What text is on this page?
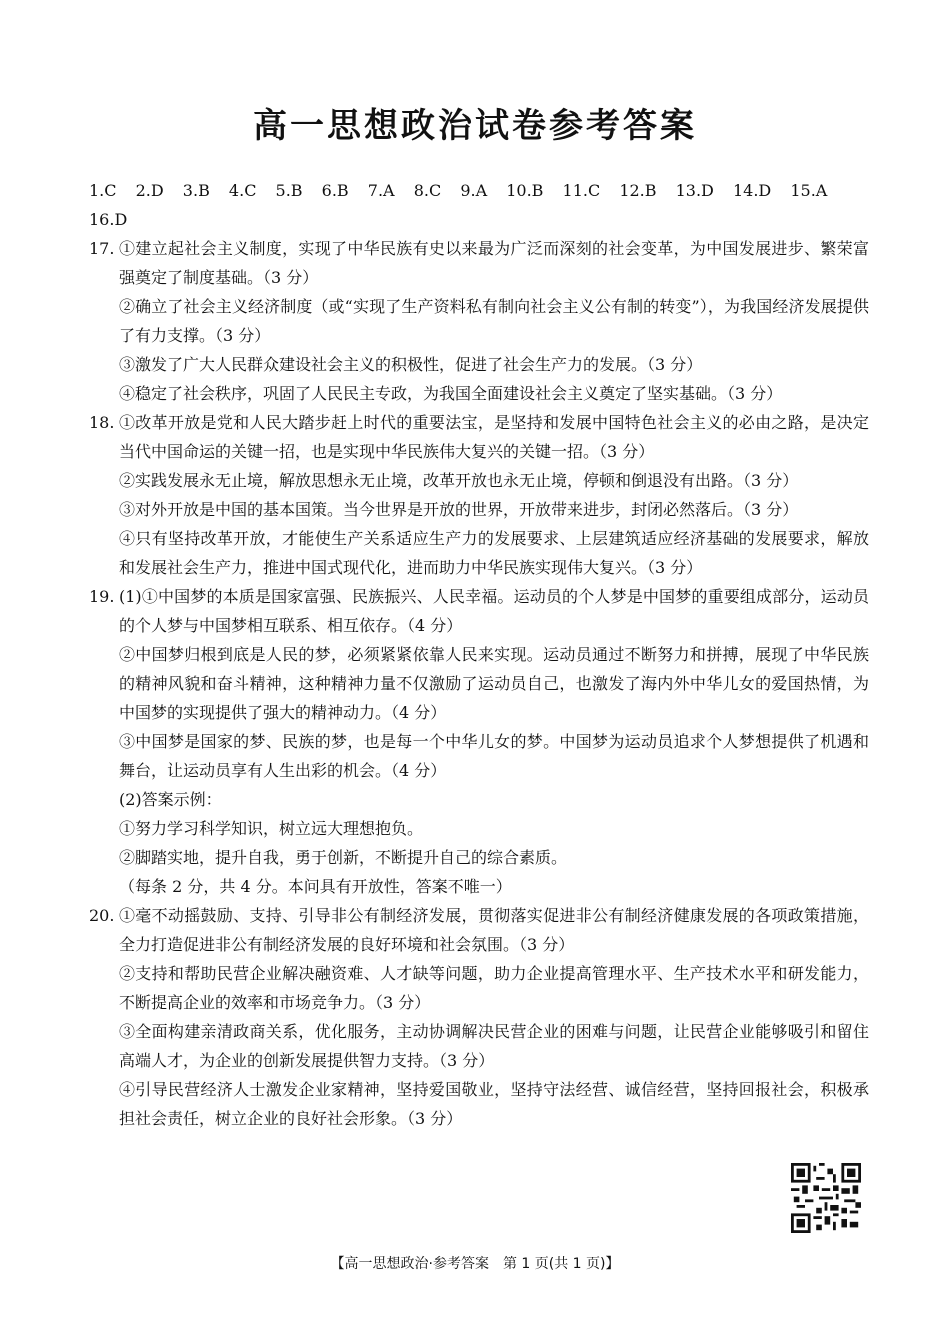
高一思想政治试卷参考答案
1.C 2.D 3.B 4.C 5.B 6.B 7.A 8.C 9.A 10.B 11.C 12.B 13.D 14.D 15.A 16.D
17. ①建立起社会主义制度，实现了中华民族有史以来最为广泛而深刻的社会变革，为中国发展进步、繁荣富强奠定了制度基础。（3 分）
②确立了社会主义经济制度（或“实现了生产资料私有制向社会主义公有制的转变”），为我国经济发展提供了有力支撑。（3 分）
③激发了广大人民群众建设社会主义的积极性，促进了社会生产力的发展。（3 分）
④稳定了社会秩序，巩固了人民民主专政，为我国全面建设社会主义奠定了坚实基础。（3 分）
18. ①改革开放是党和人民大踏步赶上时代的重要法宝，是坚持和发展中国特色社会主义的必由之路，是决定当代中国命运的关键一招，也是实现中华民族伟大复兴的关键一招。（3 分）
②实践发展永无止境，解放思想永无止境，改革开放也永无止境，停顿和倒退没有出路。（3 分）
③对外开放是中国的基本国策。当今世界是开放的世界，开放带来进步，封闭必然落后。（3 分）
④只有坚持改革开放，才能使生产关系适应生产力的发展要求、上层建筑适应经济基础的发展要求，解放和发展社会生产力，推进中国式现代化，进而助力中华民族实现伟大复兴。（3 分）
19. (1)①中国梦的本质是国家富强、民族振兴、人民幸福。运动员的个人梦是中国梦的重要组成部分，运动员的个人梦与中国梦相互联系、相互依存。（4 分）
②中国梦归根到底是人民的梦，必须紧紧依靠人民来实现。运动员通过不断努力和拼搏，展现了中华民族的精神风貌和奋斗精神，这种精神力量不仅激励了运动员自己，也激发了海内外中华儿女的爱国热情，为中国梦的实现提供了强大的精神动力。（4 分）
③中国梦是国家的梦、民族的梦，也是每一个中华儿女的梦。中国梦为运动员追求个人梦想提供了机遇和舞台，让运动员享有人生出彩的机会。（4 分）
(2)答案示例：
①努力学习科学知识，树立远大理想抱负。
②脚踏实地，提升自我，勇于创新，不断提升自己的综合素质。
（每条 2 分，共 4 分。本问具有开放性，答案不唯一）
20. ①毫不动摇鼓励、支持、引导非公有制经济发展，贯彻落实促进非公有制经济健康发展的各项政策措施，全力打造促进非公有制经济发展的良好环境和社会氛围。（3 分）
②支持和帮助民营企业解决融资难、人才缺等问题，助力企业提高管理水平、生产技术水平和研发能力，不断提高企业的效率和市场竞争力。（3 分）
③全面构建亲清政商关系，优化服务，主动协调解决民营企业的困难与问题，让民营企业能够吸引和留住高端人才，为企业的创新发展提供智力支持。（3 分）
④引导民营经济人士激发企业家精神，坚持爱国敬业，坚持守法经营、诚信经营，坚持回报社会，积极承担社会责任，树立企业的良好社会形象。（3 分）
【高一思想政治·参考答案　第 1 页(共 1 页)】
